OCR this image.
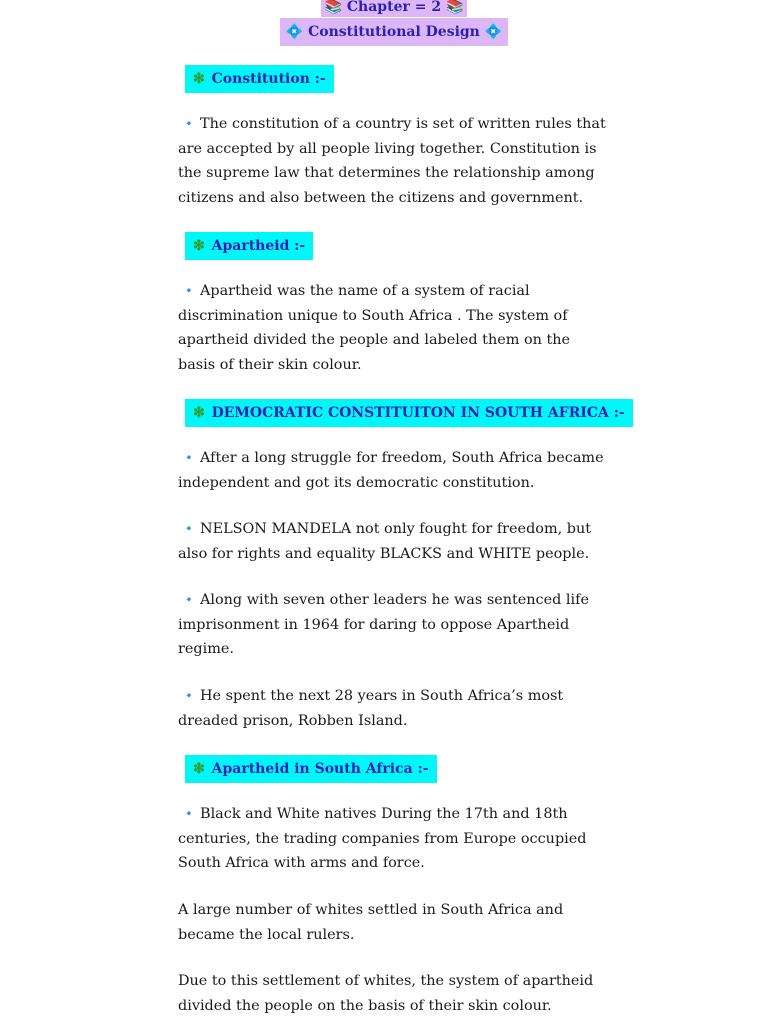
📚 Chapter = 2 📚
💠 Constitutional Design 💠
❇ Constitution :-
🔹 The constitution of a country is set of written rules that are accepted by all people living together. Constitution is the supreme law that determines the relationship among citizens and also between the citizens and government.
❇ Apartheid :-
🔹 Apartheid was the name of a system of racial discrimination unique to South Africa . The system of apartheid divided the people and labeled them on the basis of their skin colour.
❇ DEMOCRATIC CONSTITUITON IN SOUTH AFRICA :-
🔹 After a long struggle for freedom, South Africa became independent and got its democratic constitution.
🔹 NELSON MANDELA not only fought for freedom, but also for rights and equality BLACKS and WHITE people.
🔹 Along with seven other leaders he was sentenced life imprisonment in 1964 for daring to oppose Apartheid regime.
🔹 He spent the next 28 years in South Africa’s most dreaded prison, Robben Island.
❇ Apartheid in South Africa :-
🔹 Black and White natives During the 17th and 18th centuries, the trading companies from Europe occupied South Africa with arms and force.
A large number of whites settled in South Africa and became the local rulers.
Due to this settlement of whites, the system of apartheid divided the people on the basis of their skin colour.
